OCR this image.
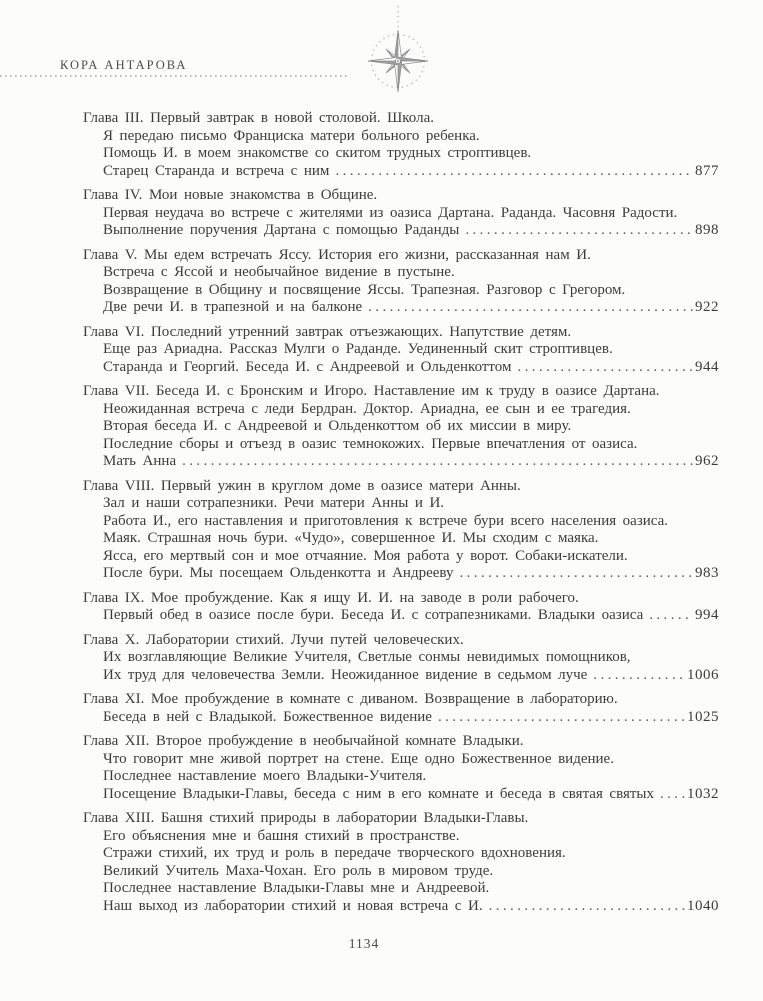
КОРА АНТАРОВА
Глава III. Первый завтрак в новой столовой. Школа.
Я передаю письмо Франциска матери больного ребенка.
Помощь И. в моем знакомстве со скитом трудных строптивцев.
Старец Старанда и встреча с ним .....	877
Глава IV. Мои новые знакомства в Общине.
Первая неудача во встрече с жителями из оазиса Дартана. Раданда. Часовня Радости.
Выполнение поручения Дартана с помощью Раданды .....	898
Глава V. Мы едем встречать Яссу. История его жизни, рассказанная нам И.
Встреча с Яссой и необычайное видение в пустыне.
Возвращение в Общину и посвящение Яссы. Трапезная. Разговор с Грегором.
Две речи И. в трапезной и на балконе .....	922
Глава VI. Последний утренний завтрак отъезжающих. Напутствие детям.
Еще раз Ариадна. Рассказ Мулги о Раданде. Уединенный скит строптивцев.
Старанда и Георгий. Беседа И. с Андреевой и Ольденкоттом .....	944
Глава VII. Беседа И. с Бронским и Игоро. Наставление им к труду в оазисе Дартана.
Неожиданная встреча с леди Бердран. Доктор. Ариадна, ее сын и ее трагедия.
Вторая беседа И. с Андреевой и Ольденкоттом об их миссии в миру.
Последние сборы и отъезд в оазис темнокожих. Первые впечатления от оазиса.
Мать Анна .....	962
Глава VIII. Первый ужин в круглом доме в оазисе матери Анны.
Зал и наши сотрапезники. Речи матери Анны и И.
Работа И., его наставления и приготовления к встрече бури всего населения оазиса.
Маяк. Страшная ночь бури. «Чудо», совершенное И. Мы сходим с маяка.
Ясса, его мертвый сон и мое отчаяние. Моя работа у ворот. Собаки-искатели.
После бури. Мы посещаем Ольденкотта и Андрееву .....	983
Глава IX. Мое пробуждение. Как я ищу И. И. на заводе в роли рабочего.
Первый обед в оазисе после бури. Беседа И. с сотрапезниками. Владыки оазиса .....	994
Глава X. Лаборатории стихий. Лучи путей человеческих.
Их возглавляющие Великие Учителя, Светлые сонмы невидимых помощников,
Их труд для человечества Земли. Неожиданное видение в седьмом луче .....	1006
Глава XI. Мое пробуждение в комнате с диваном. Возвращение в лабораторию.
Беседа в ней с Владыкой. Божественное видение .....	1025
Глава XII. Второе пробуждение в необычайной комнате Владыки.
Что говорит мне живой портрет на стене. Еще одно Божественное видение.
Последнее наставление моего Владыки-Учителя.
Посещение Владыки-Главы, беседа с ним в его комнате и беседа в святая святых ..... 1032
Глава XIII. Башня стихий природы в лаборатории Владыки-Главы.
Его объяснения мне и башня стихий в пространстве.
Стражи стихий, их труд и роль в передаче творческого вдохновения.
Великий Учитель Маха-Чохан. Его роль в мировом труде.
Последнее наставление Владыки-Главы мне и Андреевой.
Наш выход из лаборатории стихий и новая встреча с И. .....	1040
1134
